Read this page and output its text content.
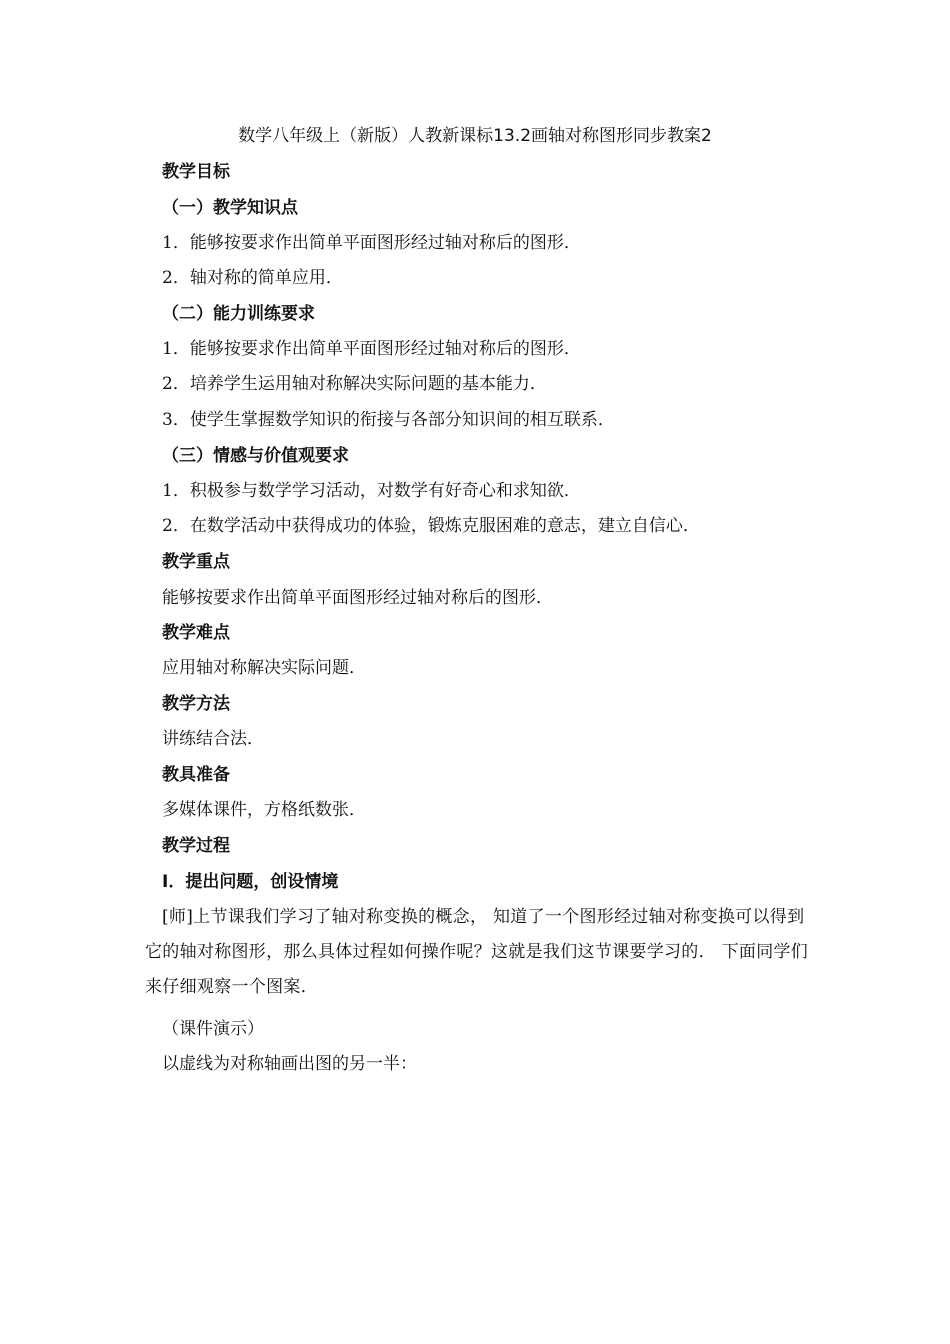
数学八年级上（新版）人教新课标13.2画轴对称图形同步教案2
教学目标
（一）教学知识点
1．能够按要求作出简单平面图形经过轴对称后的图形．
2．轴对称的简单应用．
（二）能力训练要求
1．能够按要求作出简单平面图形经过轴对称后的图形．
2．培养学生运用轴对称解决实际问题的基本能力．
3．使学生掌握数学知识的衔接与各部分知识间的相互联系．
（三）情感与价值观要求
1．积极参与数学学习活动，对数学有好奇心和求知欲．
2．在数学活动中获得成功的体验，锻炼克服困难的意志，建立自信心．
教学重点
能够按要求作出简单平面图形经过轴对称后的图形．
教学难点
应用轴对称解决实际问题．
教学方法
讲练结合法．
教具准备
多媒体课件，方格纸数张．
教学过程
Ⅰ．提出问题，创设情境
[师]上节课我们学习了轴对称变换的概念， 知道了一个图形经过轴对称变换可以得到它的轴对称图形，那么具体过程如何操作呢？这就是我们这节课要学习的． 下面同学们来仔细观察一个图案．
（课件演示）
以虚线为对称轴画出图的另一半：
